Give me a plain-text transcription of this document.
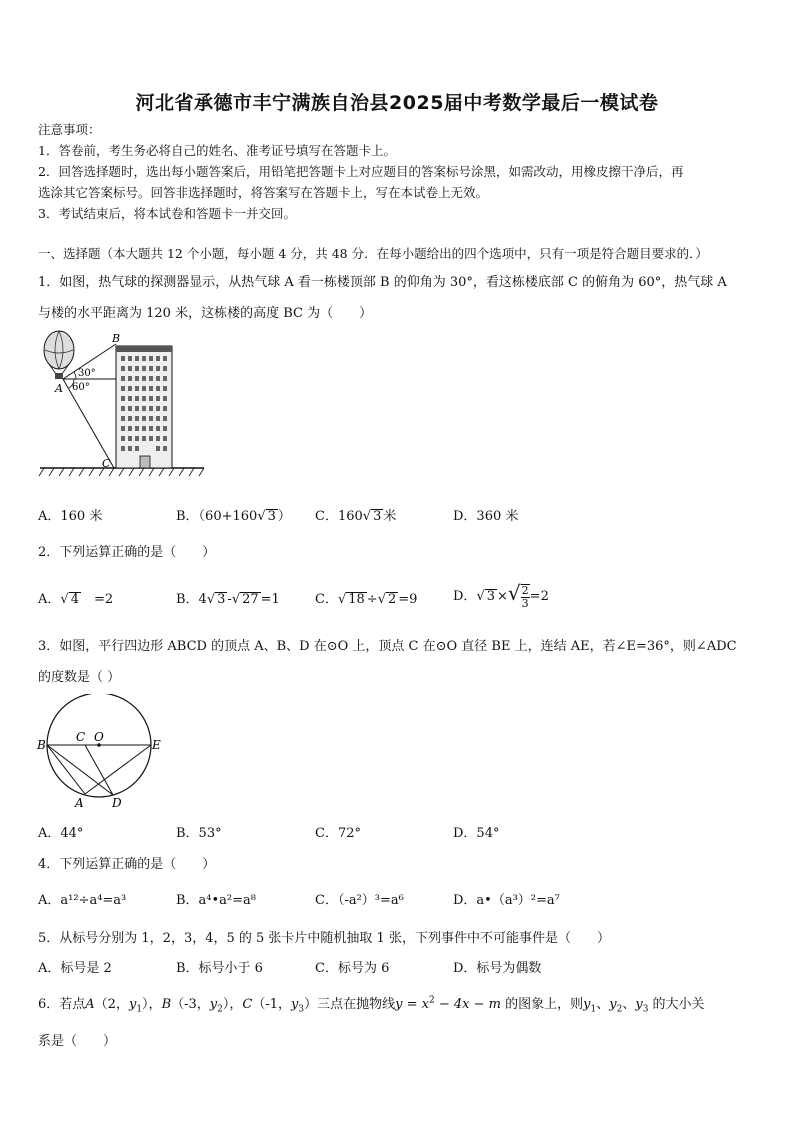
河北省承德市丰宁满族自治县2025届中考数学最后一模试卷
注意事项：
1．答卷前，考生务必将自己的姓名、准考证号填写在答题卡上。
2．回答选择题时，选出每小题答案后，用铅笔把答题卡上对应题目的答案标号涂黑，如需改动，用橡皮擦干净后，再
选涂其它答案标号。回答非选择题时，将答案写在答题卡上，写在本试卷上无效。
3．考试结束后，将本试卷和答题卡一并交回。
一、选择题（本大题共 12 个小题，每小题 4 分，共 48 分．在每小题给出的四个选项中，只有一项是符合题目要求的．）
1．如图，热气球的探测器显示，从热气球 A 看一栋楼顶部 B 的仰角为 30°，看这栋楼底部 C 的俯角为 60°，热气球 A
与楼的水平距离为 120 米，这栋楼的高度 BC 为（　　）
B
30°
60°
A
C
A．160 米	B．（60+160√ 3 ） C．160√ 3 米	D．360 米
2．下列运算正确的是（　　）
A．√ 4  =2	B．4√ 3 -√ 27 =1	C．√ 18 ÷√ 2 =9	D．√ 3 ×√ $\frac{2}{3} =2$
3．如图，平行四边形 ABCD 的顶点 A、B、D 在⊙O 上，顶点 C 在⊙O 直径 BE 上，连结 AE，若∠E=36°，则∠ADC
的度数是（ ）
B
C O
E
A D
A．44°	B．53°	C．72°	D．54°
4．下列运算正确的是（　　）
A．a¹²÷a⁴=a³	B．a⁴•a²=a⁸	C．（-a²）³=a⁶	D．a•（a³）²=a⁷
5．从标号分别为 1，2，3，4，5 的 5 张卡片中随机抽取 1 张，下列事件中不可能事件是（　　）
A．标号是 2	B．标号小于 6	C．标号为 6	D．标号为偶数
6．若点A（2，$y_1$），B（-3，$y_2$），C（-1，$y_3$）三点在抛物线$y = x^2 - 4x - m$ 的图象上，则$y_1$、$y_2$、$y_3$ 的大小关
系是（　　）
